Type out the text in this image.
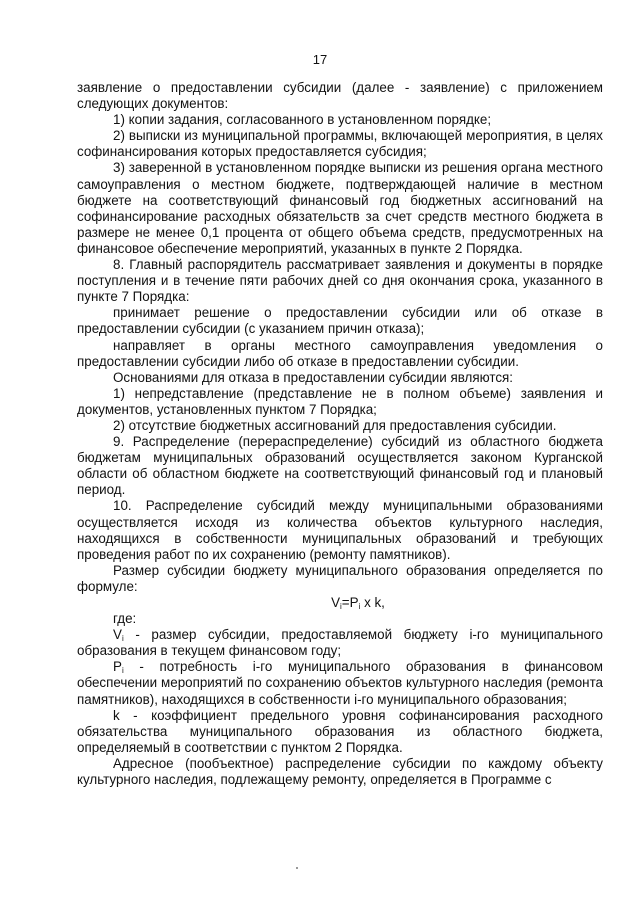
17

заявление о предоставлении субсидии (далее - заявление) с приложением следующих документов:

1) копии задания, согласованного в установленном порядке;

2) выписки из муниципальной программы, включающей мероприятия, в целях софинансирования которых предоставляется субсидия;

3) заверенной в установленном порядке выписки из решения органа местного самоуправления о местном бюджете, подтверждающей наличие в местном бюджете на соответствующий финансовый год бюджетных ассигнований на софинансирование расходных обязательств за счет средств местного бюджета в размере не менее 0,1 процента от общего объема средств, предусмотренных на финансовое обеспечение мероприятий, указанных в пункте 2 Порядка.

8. Главный распорядитель рассматривает заявления и документы в порядке поступления и в течение пяти рабочих дней со дня окончания срока, указанного в пункте 7 Порядка:

принимает решение о предоставлении субсидии или об отказе в предоставлении субсидии (с указанием причин отказа);

направляет в органы местного самоуправления уведомления о предоставлении субсидии либо об отказе в предоставлении субсидии.

Основаниями для отказа в предоставлении субсидии являются:

1) непредставление (представление не в полном объеме) заявления и документов, установленных пунктом 7 Порядка;

2) отсутствие бюджетных ассигнований для предоставления субсидии.

9. Распределение (перераспределение) субсидий из областного бюджета бюджетам муниципальных образований осуществляется законом Курганской области об областном бюджете на соответствующий финансовый год и плановый период.

10. Распределение субсидий между муниципальными образованиями осуществляется исходя из количества объектов культурного наследия, находящихся в собственности муниципальных образований и требующих проведения работ по их сохранению (ремонту памятников).

Размер субсидии бюджету муниципального образования определяется по формуле:

$V_i=P_i$ x k,

где:

$V_i$ - размер субсидии, предоставляемой бюджету i-го муниципального образования в текущем финансовом году;

$P_i$ - потребность i-го муниципального образования в финансовом обеспечении мероприятий по сохранению объектов культурного наследия (ремонта памятников), находящихся в собственности i-го муниципального образования;

k - коэффициент предельного уровня софинансирования расходного обязательства муниципального образования из областного бюджета, определяемый в соответствии с пунктом 2 Порядка.

Адресное (пообъектное) распределение субсидии по каждому объекту культурного наследия, подлежащему ремонту, определяется в Программе с
